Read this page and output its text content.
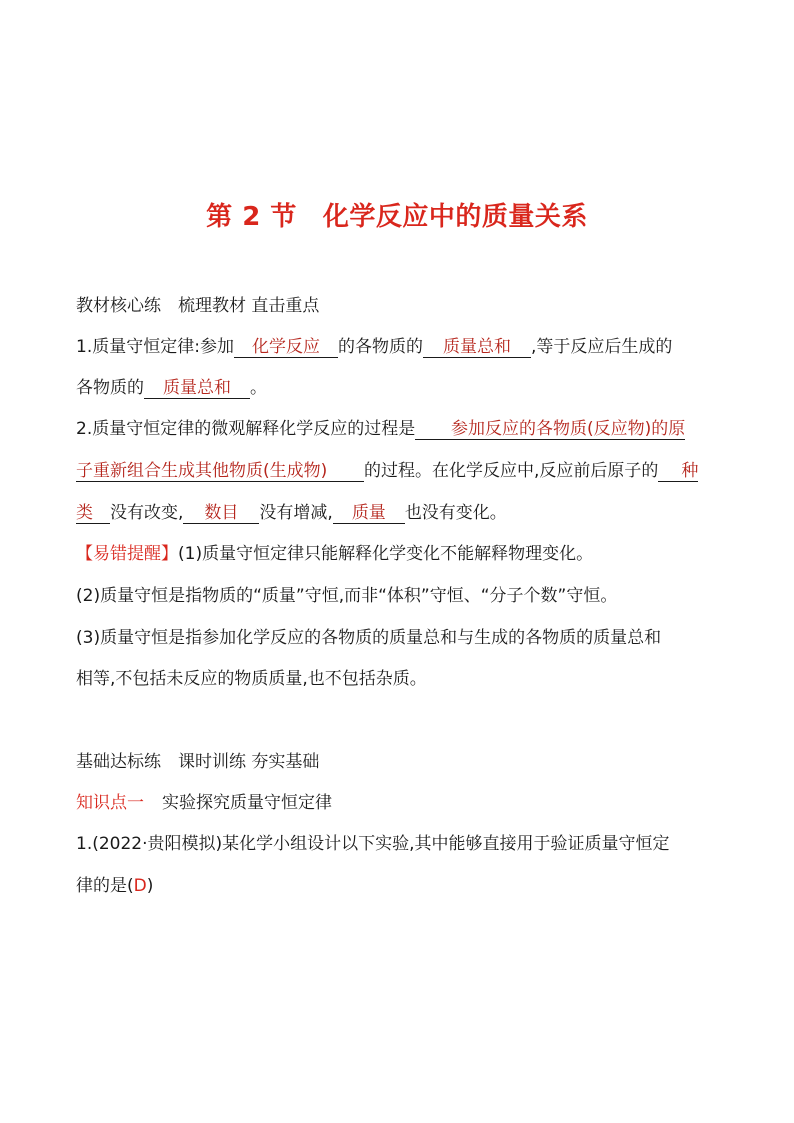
第 2 节 化学反应中的质量关系
教材核心练　梳理教材 直击重点
1.质量守恒定律:参加 化学反应 的各物质的 质量总和 ,等于反应后生成的
各物质的 质量总和 。
2.质量守恒定律的微观解释化学反应的过程是 参加反应的各物质(反应物)的原
子重新组合生成其他物质(生成物) 的过程。在化学反应中,反应前后原子的 种
类 没有改变, 数目 没有增减, 质量 也没有变化。
【易错提醒】(1)质量守恒定律只能解释化学变化不能解释物理变化。
(2)质量守恒是指物质的“质量”守恒,而非“体积”守恒、“分子个数”守恒。
(3)质量守恒是指参加化学反应的各物质的质量总和与生成的各物质的质量总和
相等,不包括未反应的物质质量,也不包括杂质。
基础达标练　课时训练 夯实基础
知识点一 实验探究质量守恒定律
1.(2022·贵阳模拟)某化学小组设计以下实验,其中能够直接用于验证质量守恒定
律的是(D)
